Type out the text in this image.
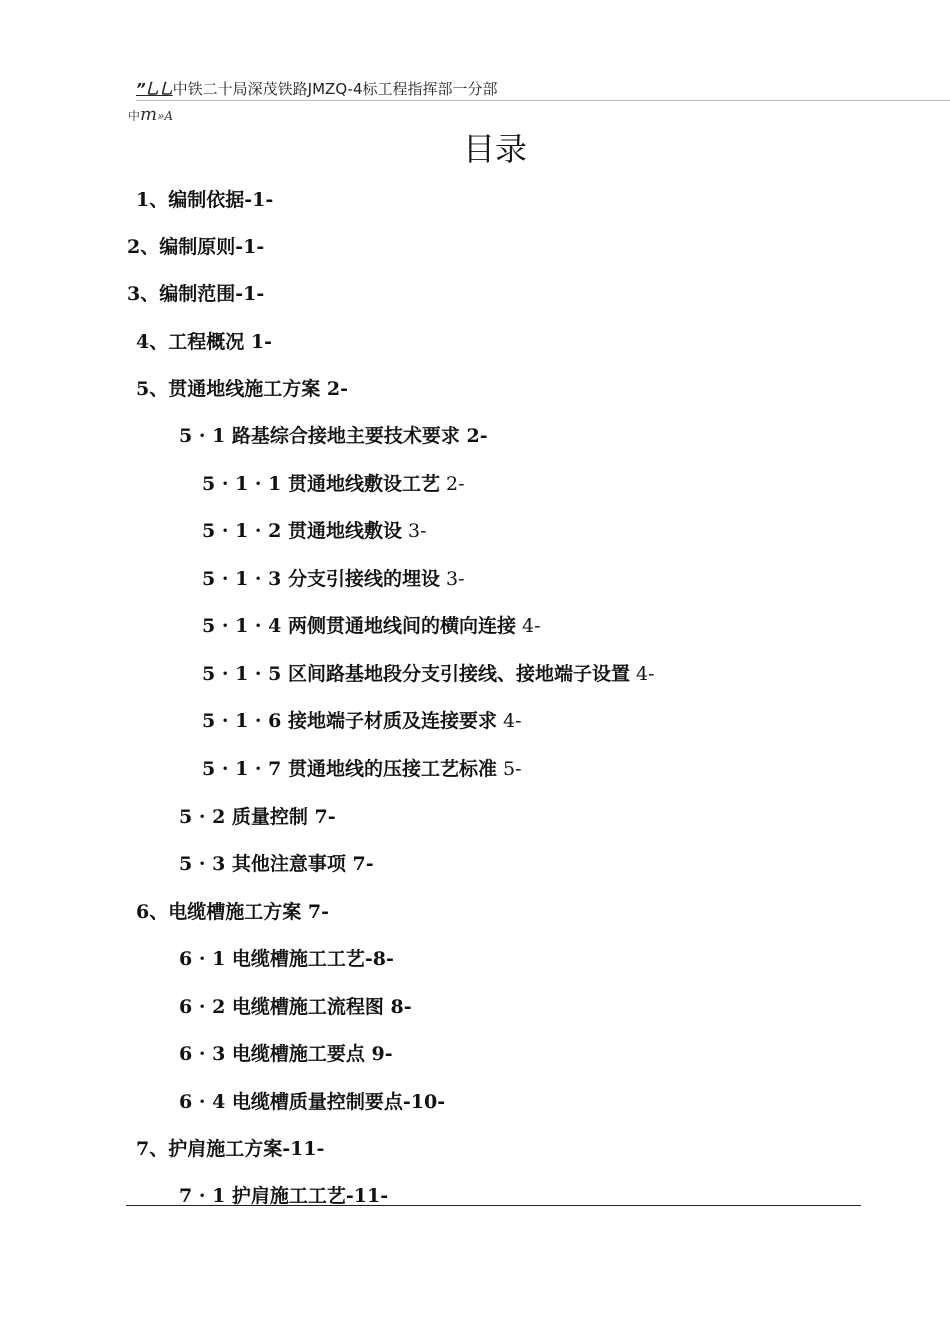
”乚乚中铁二十局深茂铁路JMZQ-4标工程指挥部一分部
中m»A
目录
1、编制依据-1-
2、编制原则-1-
3、编制范围-1-
4、工程概况 1-
5、贯通地线施工方案 2-
5 · 1 路基综合接地主要技术要求 2-
5 · 1 · 1 贯通地线敷设工艺 2-
5 · 1 · 2 贯通地线敷设 3-
5 · 1 · 3 分支引接线的埋设 3-
5 · 1 · 4 两侧贯通地线间的横向连接 4-
5 · 1 · 5 区间路基地段分支引接线、接地端子设置 4-
5 · 1 · 6 接地端子材质及连接要求 4-
5 · 1 · 7 贯通地线的压接工艺标准 5-
5 · 2 质量控制 7-
5 · 3 其他注意事项 7-
6、电缆槽施工方案 7-
6 · 1 电缆槽施工工艺-8-
6 · 2 电缆槽施工流程图 8-
6 · 3 电缆槽施工要点 9-
6 · 4 电缆槽质量控制要点-10-
7、护肩施工方案-11-
7 · 1 护肩施工工艺-11-
